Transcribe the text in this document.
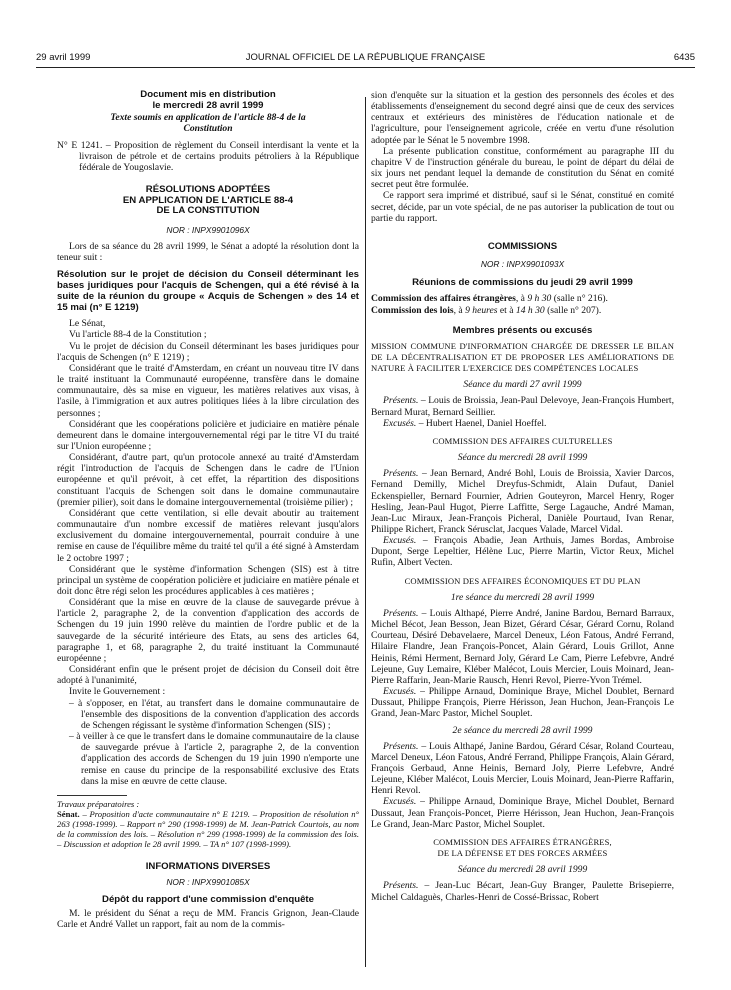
29 avril 1999	JOURNAL OFFICIEL DE LA RÉPUBLIQUE FRANÇAISE	6435
Document mis en distribution
le mercredi 28 avril 1999

Texte soumis en application de l'article 88-4 de la Constitution

N° E 1241. – Proposition de règlement du Conseil interdisant la vente et la livraison de pétrole et de certains produits pétroliers à la République fédérale de Yougoslavie.

RÉSOLUTIONS ADOPTÉES
EN APPLICATION DE L'ARTICLE 88-4
DE LA CONSTITUTION

NOR : INPX9901096X

Lors de sa séance du 28 avril 1999, le Sénat a adopté la résolution dont la teneur suit :

Résolution sur le projet de décision du Conseil déterminant les bases juridiques pour l'acquis de Schengen, qui a été révisé à la suite de la réunion du groupe « Acquis de Schengen » des 14 et 15 mai (n° E 1219)

Le Sénat,

Vu l'article 88-4 de la Constitution ;

Vu le projet de décision du Conseil déterminant les bases juridiques pour l'acquis de Schengen (n° E 1219) ;

Considérant que le traité d'Amsterdam, en créant un nouveau titre IV dans le traité instituant la Communauté européenne, transfère dans le domaine communautaire, dès sa mise en vigueur, les matières relatives aux visas, à l'asile, à l'immigration et aux autres politiques liées à la libre circulation des personnes ;

Considérant que les coopérations policière et judiciaire en matière pénale demeurent dans le domaine intergouvernemental régi par le titre VI du traité sur l'Union européenne ;

Considérant, d'autre part, qu'un protocole annexé au traité d'Amsterdam régit l'introduction de l'acquis de Schengen dans le cadre de l'Union européenne et qu'il prévoit, à cet effet, la répartition des dispositions constituant l'acquis de Schengen soit dans le domaine communautaire (premier pilier), soit dans le domaine intergouvernemental (troisième pilier) ;

Considérant que cette ventilation, si elle devait aboutir au traitement communautaire d'un nombre excessif de matières relevant jusqu'alors exclusivement du domaine intergouvernemental, pourrait conduire à une remise en cause de l'équilibre même du traité tel qu'il a été signé à Amsterdam le 2 octobre 1997 ;

Considérant que le système d'information Schengen (SIS) est à titre principal un système de coopération policière et judiciaire en matière pénale et doit donc être régi selon les procédures applicables à ces matières ;

Considérant que la mise en œuvre de la clause de sauvegarde prévue à l'article 2, paragraphe 2, de la convention d'application des accords de Schengen du 19 juin 1990 relève du maintien de l'ordre public et de la sauvegarde de la sécurité intérieure des Etats, au sens des articles 64, paragraphe 1, et 68, paragraphe 2, du traité instituant la Communauté européenne ;

Considérant enfin que le présent projet de décision du Conseil doit être adopté à l'unanimité,

Invite le Gouvernement :

– à s'opposer, en l'état, au transfert dans le domaine communautaire de l'ensemble des dispositions de la convention d'application des accords de Schengen régissant le système d'information Schengen (SIS) ;

– à veiller à ce que le transfert dans le domaine communautaire de la clause de sauvegarde prévue à l'article 2, paragraphe 2, de la convention d'application des accords de Schengen du 19 juin 1990 n'emporte une remise en cause du principe de la responsabilité exclusive des Etats dans la mise en œuvre de cette clause.

Travaux préparatoires :

Sénat. – Proposition d'acte communautaire n° E 1219. – Proposition de résolution n° 263 (1998-1999). – Rapport n° 290 (1998-1999) de M. Jean-Patrick Courtois, au nom de la commission des lois. – Résolution n° 299 (1998-1999) de la commission des lois. – Discussion et adoption le 28 avril 1999. – TA n° 107 (1998-1999).

INFORMATIONS DIVERSES

NOR : INPX9901085X

Dépôt du rapport d'une commission d'enquête

M. le président du Sénat a reçu de MM. Francis Grignon, Jean-Claude Carle et André Vallet un rapport, fait au nom de la commis-

sion d'enquête sur la situation et la gestion des personnels des écoles et des établissements d'enseignement du second degré ainsi que de ceux des services centraux et extérieurs des ministères de l'éducation nationale et de l'agriculture, pour l'enseignement agricole, créée en vertu d'une résolution adoptée par le Sénat le 5 novembre 1998.

La présente publication constitue, conformément au paragraphe III du chapitre V de l'instruction générale du bureau, le point de départ du délai de six jours net pendant lequel la demande de constitution du Sénat en comité secret peut être formulée.

Ce rapport sera imprimé et distribué, sauf si le Sénat, constitué en comité secret, décide, par un vote spécial, de ne pas autoriser la publication de tout ou partie du rapport.

COMMISSIONS

NOR : INPX9901093X

Réunions de commissions du jeudi 29 avril 1999

Commission des affaires étrangères, à 9 h 30 (salle n° 216).

Commission des lois, à 9 heures et à 14 h 30 (salle n° 207).

Membres présents ou excusés

MISSION COMMUNE D'INFORMATION CHARGÉE DE DRESSER LE BILAN DE LA DÉCENTRALISATION ET DE PROPOSER LES AMÉLIORATIONS DE NATURE À FACILITER L'EXERCICE DES COMPÉTENCES LOCALES

Séance du mardi 27 avril 1999

Présents. – Louis de Broissia, Jean-Paul Delevoye, Jean-François Humbert, Bernard Murat, Bernard Seillier.

Excusés. – Hubert Haenel, Daniel Hoeffel.

COMMISSION DES AFFAIRES CULTURELLES

Séance du mercredi 28 avril 1999

Présents. – Jean Bernard, André Bohl, Louis de Broissia, Xavier Darcos, Fernand Demilly, Michel Dreyfus-Schmidt, Alain Dufaut, Daniel Eckenspieller, Bernard Fournier, Adrien Gouteyron, Marcel Henry, Roger Hesling, Jean-Paul Hugot, Pierre Laffitte, Serge Lagauche, André Maman, Jean-Luc Miraux, Jean-François Picheral, Danièle Pourtaud, Ivan Renar, Philippe Richert, Franck Sérusclat, Jacques Valade, Marcel Vidal.

Excusés. – François Abadie, Jean Arthuis, James Bordas, Ambroise Dupont, Serge Lepeltier, Hélène Luc, Pierre Martin, Victor Reux, Michel Rufin, Albert Vecten.

COMMISSION DES AFFAIRES ÉCONOMIQUES ET DU PLAN

1re séance du mercredi 28 avril 1999

Présents. – Louis Althapé, Pierre André, Janine Bardou, Bernard Barraux, Michel Bécot, Jean Besson, Jean Bizet, Gérard César, Gérard Cornu, Roland Courteau, Désiré Debavelaere, Marcel Deneux, Léon Fatous, André Ferrand, Hilaire Flandre, Jean François-Poncet, Alain Gérard, Louis Grillot, Anne Heinis, Rémi Herment, Bernard Joly, Gérard Le Cam, Pierre Lefebvre, André Lejeune, Guy Lemaire, Kléber Malécot, Louis Mercier, Louis Moinard, Jean-Pierre Raffarin, Jean-Marie Rausch, Henri Revol, Pierre-Yvon Trémel.

Excusés. – Philippe Arnaud, Dominique Braye, Michel Doublet, Bernard Dussaut, Philippe François, Pierre Hérisson, Jean Huchon, Jean-François Le Grand, Jean-Marc Pastor, Michel Souplet.

2e séance du mercredi 28 avril 1999

Présents. – Louis Althapé, Janine Bardou, Gérard César, Roland Courteau, Marcel Deneux, Léon Fatous, André Ferrand, Philippe François, Alain Gérard, François Gerbaud, Anne Heinis, Bernard Joly, Pierre Lefebvre, André Lejeune, Kléber Malécot, Louis Mercier, Louis Moinard, Jean-Pierre Raffarin, Henri Revol.

Excusés. – Philippe Arnaud, Dominique Braye, Michel Doublet, Bernard Dussaut, Jean François-Poncet, Pierre Hérisson, Jean Huchon, Jean-François Le Grand, Jean-Marc Pastor, Michel Souplet.

COMMISSION DES AFFAIRES ÉTRANGÈRES,
DE LA DÉFENSE ET DES FORCES ARMÉES

Séance du mercredi 28 avril 1999

Présents. – Jean-Luc Bécart, Jean-Guy Branger, Paulette Brisepierre, Michel Caldaguès, Charles-Henri de Cossé-Brissac, Robert
